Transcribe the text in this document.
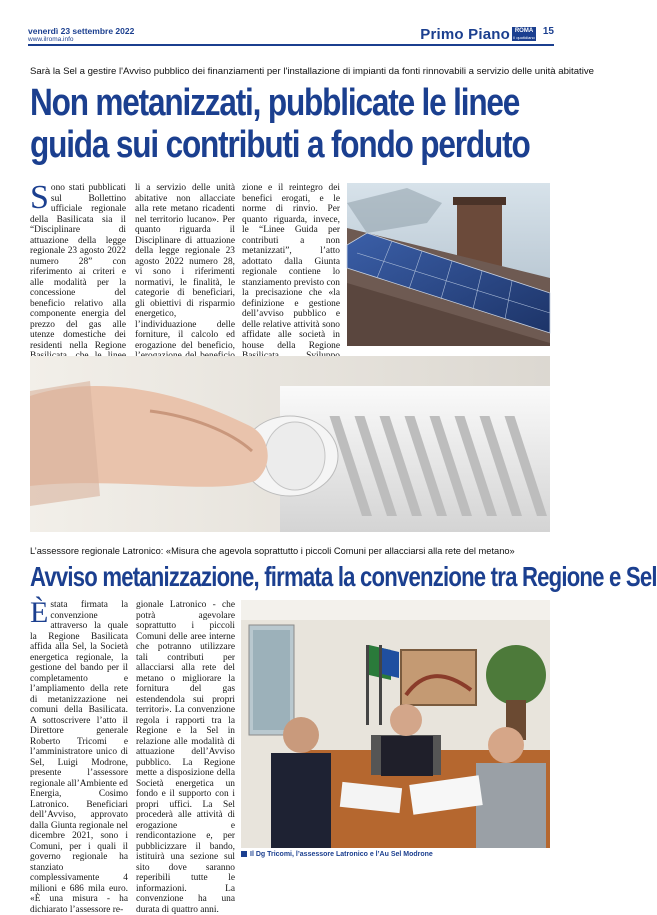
venerdì 23 settembre 2022
www.ilroma.info	Primo Piano ROMA
Il quotidiano
15
Sarà la Sel a gestire l'Avviso pubblico dei finanziamenti per l'installazione di impianti da fonti rinnovabili a servizio delle unità abitative
Non metanizzati, pubblicate le linee guida sui contributi a fondo perduto
S ono stati pubblicati sul Bollettino ufficiale regionale della Basilicata sia il “Disciplinare di attuazione della legge regionale 23 agosto 2022 numero 28” con riferimento ai criteri e alle modalità per la concessione del beneficio relativo alla componente energia del prezzo del gas alle utenze domestiche dei residenti nella Regione
li a servizio delle unità abitative non allacciate alla rete metano ricadenti nel territorio lucano». Per quanto riguarda il Disciplinare di attuazione della legge regionale 23 agosto 2022 numero 28, vi sono i riferimenti normativi, le finalità, le categorie di beneficiari, gli obiettivi di risparmio energetico, l’individuazione delle forniture, il calcolo ed erogazione del beneficio,
zione e il reintegro dei benefici erogati, e le norme di rinvio. Per quanto riguarda, invece, le “Linee Guida per contributi a non metanizzati”, l’atto adottato dalla Giunta regionale contiene lo stanziamento previsto con la precisazione che «la definizione e gestione dell’avviso pubblico e delle relative attività sono affidate alle società in house della Regione
L’assessore regionale Latronico: «Misura che agevola soprattutto i piccoli Comuni per allacciarsi alla rete del metano»
Avviso metanizzazione, firmata la convenzione tra Regione e Sel
È stata firmata la convenzione attraverso la quale la Regione Basilicata affida alla Sel, la Società energetica regionale, la gestione del bando per il completamento e l’ampliamento della rete di metanizzazione nei comuni della Basilicata. A sottoscrivere l’atto il Direttore generale Roberto Tricomi e l’amministratore unico di Sel, Luigi Modrone, presente l’assessore regionale all’Ambiente ed Energia, Cosimo Latronico. Beneficiari dell’Avviso, approvato dalla Giunta regionale nel dicembre 2021, sono i Comuni, per i quali il governo regionale ha stanziato complessivamente 4 milioni e 686 mila euro. «È una misura - ha dichiarato l’assessore re-
gionale Latronico - che potrà agevolare soprattutto i piccoli Comuni delle aree interne che potranno utilizzare tali contributi per allacciarsi alla rete del metano o migliorare la fornitura del gas estendendola sui propri territori». La convenzione regola i rapporti tra la Regione e la Sel in relazione alle modalità di attuazione dell’Avviso pubblico. La Regione mette a disposizione della Società energetica un fondo e il supporto con i propri uffici. La Sel procederà alle attività di erogazione e rendicontazione e, per pubblicizzare il bando, istituirà una sezione sul sito dove saranno reperibili tutte le informazioni. La convenzione ha una durata di quattro anni.
Il Dg Tricomi, l’assessore Latronico e l’Au Sel Modrone
